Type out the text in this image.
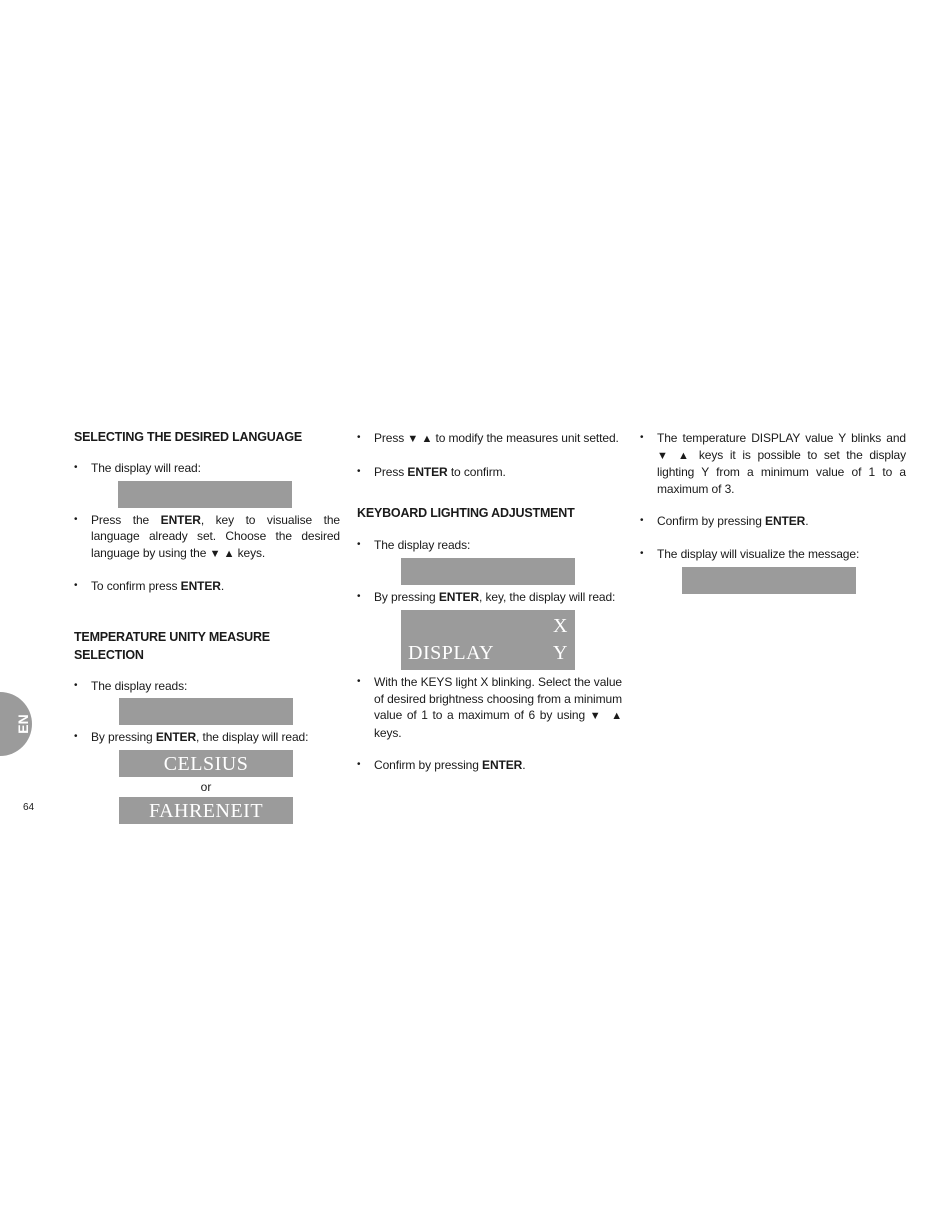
SELECTING THE DESIRED LANGUAGE

• The display will read:
• Press the ENTER, key to visualise the language already set. Choose the desired language by using the ▼ ▲ keys.
• To confirm press ENTER.

TEMPERATURE UNITY MEASURE SELECTION

• The display reads:
• By pressing ENTER, the display will read:
CELSIUS
or
FAHRENEIT
• Press ▼ ▲ to modify the measures unit setted.
• Press ENTER to confirm.

KEYBOARD LIGHTING ADJUSTMENT

• The display reads:
• By pressing ENTER, key, the display will read:
X
DISPLAY	Y
• With the KEYS light X blinking. Select the value of desired brightness choosing from a minimum value of 1 to a maximum of 6 by using ▼ ▲ keys.
• Confirm by pressing ENTER.
• The temperature DISPLAY value Y blinks and ▼ ▲ keys it is possible to set the display lighting Y from a minimum value of 1 to a maximum of 3.
• Confirm by pressing ENTER.
• The display will visualize the message:
EN
64
